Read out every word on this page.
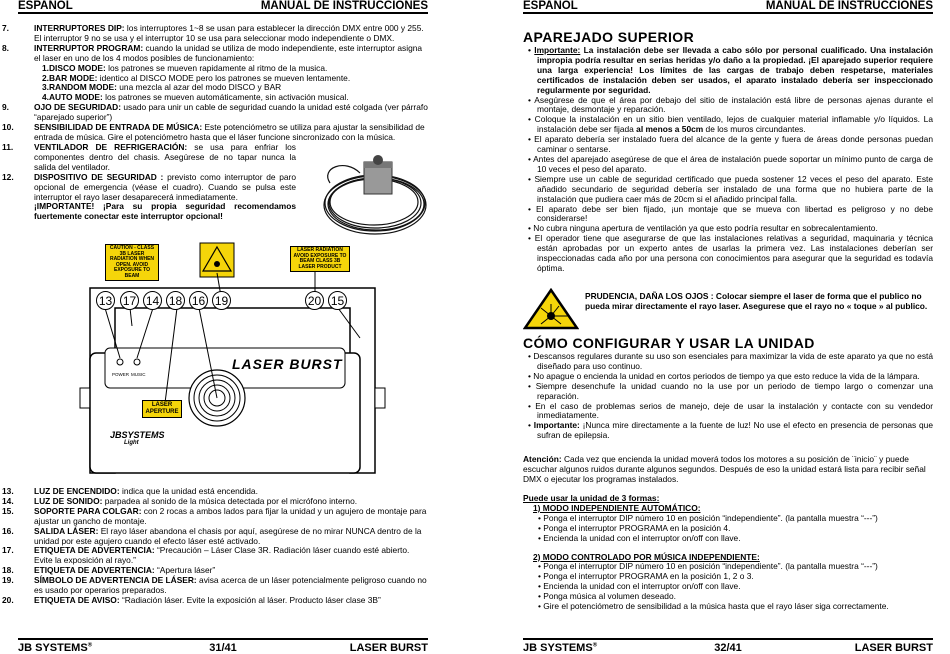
ESPAÑOL	MANUAL DE INSTRUCCIONES
7.	INTERRUPTORES DIP: los interruptores 1~8 se usan para establecer la dirección DMX entre 000 y 255. El interruptor 9 no se usa y el interruptor 10 se usa para seleccionar modo independiente o DMX.
8.	INTERRUPTOR PROGRAM: cuando la unidad se utiliza de modo independiente, este interruptor asigna el laser en uno de los 4 modos posibles de funcionamiento:
1.DISCO MODE: los patrones se mueven rapidamente al ritmo de la musica.
2.BAR MODE: identico al DISCO MODE pero los patrones se mueven lentamente.
3.RANDOM MODE: una mezcla al azar del modo DISCO y BAR
4.AUTO MODE: los patrones se mueven automáticamente, sin activación musical.
9.	OJO DE SEGURIDAD: usado para unir un cable de seguridad cuando la unidad esté colgada (ver párrafo “aparejado superior”)
10. SENSIBILIDAD DE ENTRADA DE MÚSICA: Este potenciómetro se utiliza para ajustar la sensibilidad de entrada de música. Gire el potenciómetro hasta que el láser funcione sincronizado con la música.
11. VENTILADOR DE REFRIGERACIÓN: se usa para enfriar los componentes dentro del chasis. Asegúrese de no tapar nunca la salida del ventilador.
12. DISPOSITIVO DE SEGURIDAD : previsto como interruptor de paro opcional de emergencia (véase el cuadro). Cuando se pulsa este interruptor el rayo laser desaparecerá inmediatamente.
¡IMPORTANTE! ¡Para su propia seguridad recomendamos fuertemente conectar este interruptor opcional!
CAUTION - CLASS 3B LASER RADIATION WHEN OPEN. AVOID EXPOSURE TO BEAM
LASER RADIATION AVOID EXPOSURE TO BEAM CLASS 3B LASER PRODUCT
LASER APERTURE
13 17 14 18 16 19	20 15
LASER BURST
POWER MUSIC
JBSYSTEMS
Light
13. LUZ DE ENCENDIDO: indica que la unidad está encendida.
14. LUZ DE SONIDO: parpadea al sonido de la música detectada por el micrófono interno.
15. SOPORTE PARA COLGAR: con 2 rocas a ambos lados para fijar la unidad y un agujero de montaje para ajustar un gancho de montaje.
16. SALIDA LÁSER: El rayo láser abandona el chasis por aquí, asegúrese de no mirar NUNCA dentro de la unidad por este agujero cuando el efecto láser esté activado.
17. ETIQUETA DE ADVERTENCIA: “Precaución – Láser Clase 3R. Radiación láser cuando esté abierto. Evite la exposición al rayo.”
18. ETIQUETA DE ADVERTENCIA: “Apertura láser”
19. SÍMBOLO DE ADVERTENCIA DE LÁSER: avisa acerca de un láser potencialmente peligroso cuando no es usado por operarios preparados.
20. ETIQUETA DE AVISO: “Radiación láser. Evite la exposición al láser. Producto láser clase 3B”
JB SYSTEMS®	31/41	LASER BURST
ESPAÑOL	MANUAL DE INSTRUCCIONES
APAREJADO SUPERIOR
• Importante: La instalación debe ser llevada a cabo sólo por personal cualificado. Una instalación impropia podría resultar en serias heridas y/o daño a la propiedad. ¡El aparejado superior requiere una larga experiencia! Los límites de las cargas de trabajo deben respetarse, materiales certificados de instalación deben ser usados, el aparato instalado debería ser inspeccionado regularmente por seguridad.
• Asegúrese de que el área por debajo del sitio de instalación está libre de personas ajenas durante el montaje, desmontaje y reparación.
• Coloque la instalación en un sitio bien ventilado, lejos de cualquier material inflamable y/o líquidos. La instalación debe ser fijada al menos a 50cm de los muros circundantes.
• El aparato debería ser instalado fuera del alcance de la gente y fuera de áreas donde personas puedan caminar o sentarse.
• Antes del aparejado asegúrese de que el área de instalación puede soportar un mínimo punto de carga de 10 veces el peso del aparato.
• Siempre use un cable de seguridad certificado que pueda sostener 12 veces el peso del aparato. Este añadido secundario de seguridad debería ser instalado de una forma que no hubiera parte de la instalación que pudiera caer más de 20cm si el añadido principal falla.
• El aparato debe ser bien fijado, ¡un montaje que se mueva con libertad es peligroso y no debe considerarse!
• No cubra ninguna apertura de ventilación ya que esto podría resultar en sobrecalentamiento.
• El operador tiene que asegurarse de que las instalaciones relativas a seguridad, maquinaria y técnica están aprobadas por un experto antes de usarlas la primera vez. Las instalaciones deberían ser inspeccionadas cada año por una persona con conocimientos para asegurar que la seguridad es todavía óptima.
PRUDENCIA, DAÑA LOS OJOS : Colocar siempre el laser de forma que el publico no pueda mirar directamente el rayo laser. Asegurese que el rayo no « toque » al publico.
CÓMO CONFIGURAR Y USAR LA UNIDAD
• Descansos regulares durante su uso son esenciales para maximizar la vida de este aparato ya que no está diseñado para uso continuo.
• No apague o encienda la unidad en cortos periodos de tiempo ya que esto reduce la vida de la lámpara.
• Siempre desenchufe la unidad cuando no la use por un periodo de tiempo largo o comenzar una reparación.
• En el caso de problemas serios de manejo, deje de usar la instalación y contacte con su vendedor inmediatamente.
• Importante: ¡Nunca mire directamente a la fuente de luz! No use el efecto en presencia de personas que sufran de epilepsia.
Atención: Cada vez que encienda la unidad moverá todos los motores a su posición de ¨inicio¨ y puede escuchar algunos ruidos durante algunos segundos. Después de eso la unidad estará lista para recibir señal DMX o ejecutar los programas instalados.
Puede usar la unidad de 3 formas:
1) MODO INDEPENDIENTE AUTOMÁTICO:
• Ponga el interruptor DIP número 10 en posición “independiente”. (la pantalla muestra “---”)
• Ponga el interruptor PROGRAMA en la posición 4.
• Encienda la unidad con el interruptor on/off con llave.
2) MODO CONTROLADO POR MÚSICA INDEPENDIENTE:
• Ponga el interruptor DIP número 10 en posición “independiente”. (la pantalla muestra “---”)
• Ponga el interruptor PROGRAMA en la posición 1, 2 o 3.
• Encienda la unidad con el interruptor on/off con llave.
• Ponga música al volumen deseado.
• Gire el potenciómetro de sensibilidad a la música hasta que el rayo láser siga correctamente.
JB SYSTEMS®	32/41	LASER BURST
